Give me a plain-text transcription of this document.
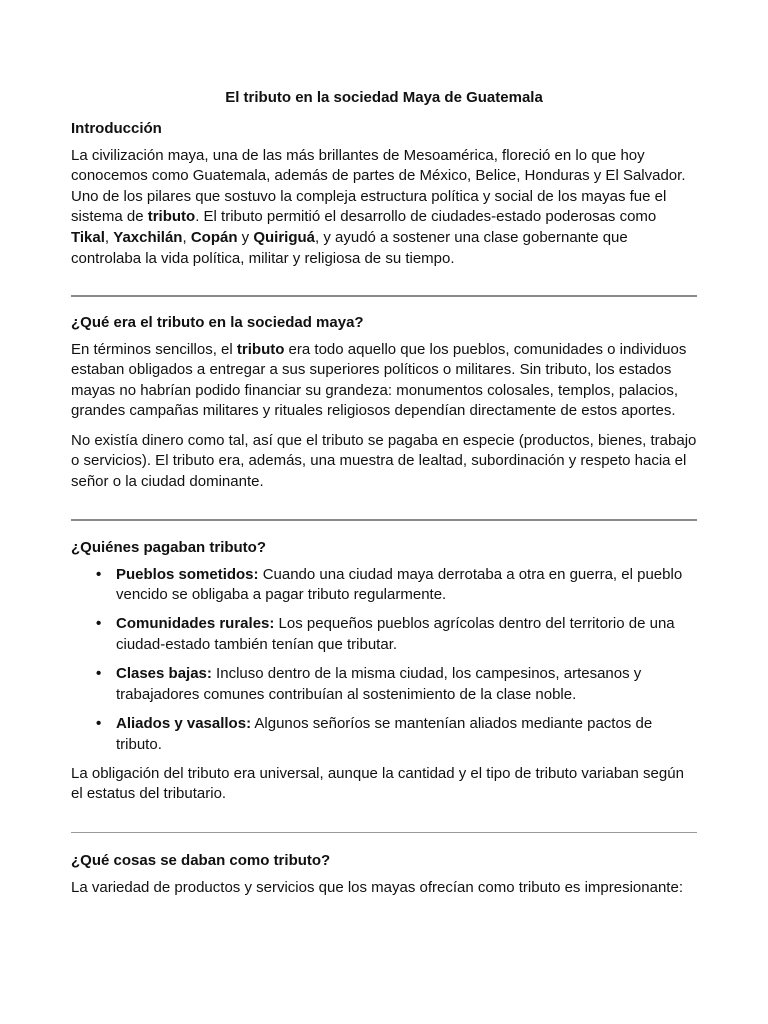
El tributo en la sociedad Maya de Guatemala
Introducción

La civilización maya, una de las más brillantes de Mesoamérica, floreció en lo que hoy conocemos como Guatemala, además de partes de México, Belice, Honduras y El Salvador. Uno de los pilares que sostuvo la compleja estructura política y social de los mayas fue el sistema de tributo. El tributo permitió el desarrollo de ciudades-estado poderosas como Tikal, Yaxchilán, Copán y Quiriguá, y ayudó a sostener una clase gobernante que controlaba la vida política, militar y religiosa de su tiempo.

¿Qué era el tributo en la sociedad maya?

En términos sencillos, el tributo era todo aquello que los pueblos, comunidades o individuos estaban obligados a entregar a sus superiores políticos o militares. Sin tributo, los estados mayas no habrían podido financiar su grandeza: monumentos colosales, templos, palacios, grandes campañas militares y rituales religiosos dependían directamente de estos aportes.

No existía dinero como tal, así que el tributo se pagaba en especie (productos, bienes, trabajo o servicios). El tributo era, además, una muestra de lealtad, subordinación y respeto hacia el señor o la ciudad dominante.

¿Quiénes pagaban tributo?
• Pueblos sometidos: Cuando una ciudad maya derrotaba a otra en guerra, el pueblo vencido se obligaba a pagar tributo regularmente.
• Comunidades rurales: Los pequeños pueblos agrícolas dentro del territorio de una ciudad-estado también tenían que tributar.
• Clases bajas: Incluso dentro de la misma ciudad, los campesinos, artesanos y trabajadores comunes contribuían al sostenimiento de la clase noble.
• Aliados y vasallos: Algunos señoríos se mantenían aliados mediante pactos de tributo.

La obligación del tributo era universal, aunque la cantidad y el tipo de tributo variaban según el estatus del tributario.

¿Qué cosas se daban como tributo?

La variedad de productos y servicios que los mayas ofrecían como tributo es impresionante:
